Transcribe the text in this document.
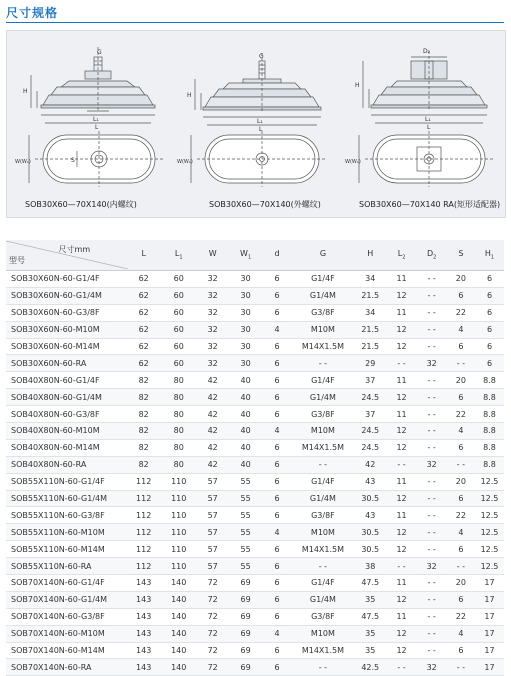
尺寸规格
G
H
L₁
L
W(W₁)	S
SOB30X60—70X140(内螺纹)
G
H
L₁
L
W(W₁)
SOB30X60—70X140(外螺纹)
D₂
H
L₁
L
W(W₁)
SOB30X60—70X140 RA(矩形适配器)
尺寸mm
型号	L	$L_1$	W	$W_1$	d	G	H	$L_2$	$D_2$	S	$H_1$
SOB30X60N-60-G1/4F	62	60	32	30	6	G1/4F	34	11	- -	20	6
SOB30X60N-60-G1/4M	62	60	32	30	6	G1/4M	21.5	12	- -	6	6
SOB30X60N-60-G3/8F	62	60	32	30	6	G3/8F	34	11	- -	22	6
SOB30X60N-60-M10M	62	60	32	30	4	M10M	21.5	12	- -	4	6
SOB30X60N-60-M14M	62	60	32	30	6	M14X1.5M	21.5	12	- -	6	6
SOB30X60N-60-RA	62	60	32	30	6	- -	29	- -	32	- -	6
SOB40X80N-60-G1/4F	82	80	42	40	6	G1/4F	37	11	- -	20	8.8
SOB40X80N-60-G1/4M	82	80	42	40	6	G1/4M	24.5	12	- -	6	8.8
SOB40X80N-60-G3/8F	82	80	42	40	6	G3/8F	37	11	- -	22	8.8
SOB40X80N-60-M10M	82	80	42	40	4	M10M	24.5	12	- -	4	8.8
SOB40X80N-60-M14M	82	80	42	40	6	M14X1.5M	24.5	12	- -	6	8.8
SOB40X80N-60-RA	82	80	42	40	6	- -	42	- -	32	- -	8.8
SOB55X110N-60-G1/4F	112	110	57	55	6	G1/4F	43	11	- -	20	12.5
SOB55X110N-60-G1/4M	112	110	57	55	6	G1/4M	30.5	12	- -	6	12.5
SOB55X110N-60-G3/8F	112	110	57	55	6	G3/8F	43	11	- -	22	12.5
SOB55X110N-60-M10M	112	110	57	55	4	M10M	30.5	12	- -	4	12.5
SOB55X110N-60-M14M	112	110	57	55	6	M14X1.5M	30.5	12	- -	6	12.5
SOB55X110N-60-RA	112	110	57	55	6	- -	38	- -	32	- -	12.5
SOB70X140N-60-G1/4F	143	140	72	69	6	G1/4F	47.5	11	- -	20	17
SOB70X140N-60-G1/4M	143	140	72	69	6	G1/4M	35	12	- -	6	17
SOB70X140N-60-G3/8F	143	140	72	69	6	G3/8F	47.5	11	- -	22	17
SOB70X140N-60-M10M	143	140	72	69	4	M10M	35	12	- -	4	17
SOB70X140N-60-M14M	143	140	72	69	6	M14X1.5M	35	12	- -	6	17
SOB70X140N-60-RA	143	140	72	69	6	- -	42.5	- -	32	- -	17
